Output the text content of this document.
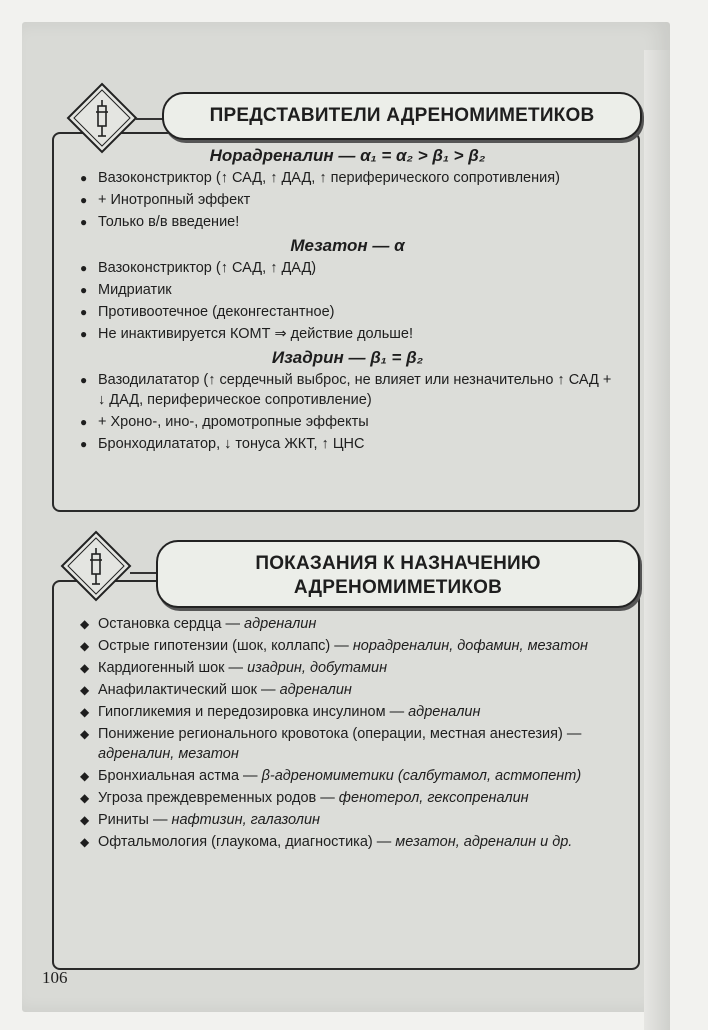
ПРЕДСТАВИТЕЛИ АДРЕНОМИМЕТИКОВ

Норадреналин — α₁ = α₂ > β₁ > β₂

● Вазоконстриктор (↑ САД, ↑ ДАД, ↑ периферического сопротивления)
● + Инотропный эффект
● Только в/в введение!

Мезатон — α

● Вазоконстриктор (↑ САД, ↑ ДАД)
● Мидриатик
● Противоотечное (деконгестантное)
● Не инактивируется КОМТ ⇒ действие дольше!

Изадрин — β₁ = β₂

● Вазодилататор (↑ сердечный выброс, не влияет или незначительно ↑ САД + ↓ ДАД, периферическое сопротивление)
● + Хроно-, ино-, дромотропные эффекты
● Бронходилататор, ↓ тонуса ЖКТ, ↑ ЦНС
ПОКАЗАНИЯ К НАЗНАЧЕНИЮ
АДРЕНОМИМЕТИКОВ
◆ Остановка сердца — адреналин
◆ Острые гипотензии (шок, коллапс) — норадреналин, дофамин, мезатон
◆ Кардиогенный шок — изадрин, добутамин
◆ Анафилактический шок — адреналин
◆ Гипогликемия и передозировка инсулином — адреналин
◆ Понижение регионального кровотока (операции, местная анестезия) — адреналин, мезатон
◆ Бронхиальная астма — β-адреномиметики (салбутамол, астмопент)
◆ Угроза преждевременных родов — фенотерол, гексопреналин
◆ Риниты — нафтизин, галазолин
◆ Офтальмология (глаукома, диагностика) — мезатон, адреналин и др.
106
